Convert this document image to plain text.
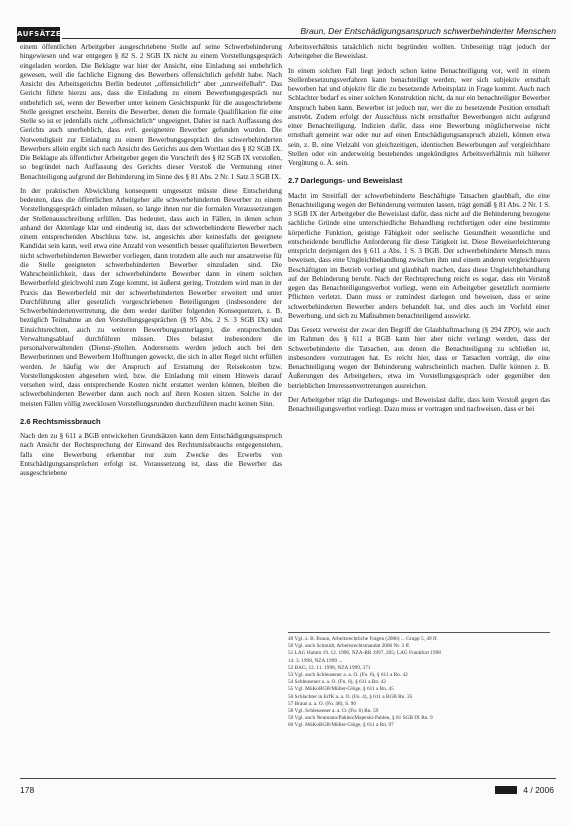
AUFSÄTZE	Braun, Der Entschädigungsanspruch schwerbehinderter Menschen

einem öffentlichen Arbeitgeber ausgeschriebene Stelle auf seine Schwerbehinderung hingewiesen und war entgegen § 82 S. 2 SGB IX nicht zu einem Vorstellungsgespräch eingeladen worden. Die Beklagte war hier der Ansicht, eine Einladung sei entbehrlich gewesen, weil die fachliche Eignung des Bewerbers offensichtlich gefehlt habe. Nach Ansicht des Arbeitsgerichts Berlin bedeutet „offensichtlich“ aber „unzweifelhaft“. Das Gericht führte hierzu aus, dass die Einladung zu einem Bewerbungsgespräch nur entbehrlich sei, wenn der Bewerber unter keinem Gesichtspunkt für die ausgeschriebene Stelle geeignet erscheint. Bereits die Bewerber, denen die formale Qualifikation für eine Stelle so ist er jedenfalls nicht „offensichtlich“ ungeeignet. Daher ist nach Auffassung des Gerichts auch unerheblich, dass evtl. geeignetere Bewerber gefunden wurden. Die Notwendigkeit zur Einladung zu einem Bewerbungsgespräch des schwerbehinderten Bewerbers allein ergibt sich nach Ansicht des Gerichts aus dem Wortlaut des § 82 SGB IX. Die Beklagte als öffentlicher Arbeitgeber gegen die Vorschrift des § 82 SGB IX verstoßen, so begründet nach Auffassung des Gerichts dieser Verstoß die Vermutung einer Benachteiligung aufgrund der Behinderung im Sinne des § 81 Abs. 2 Nr. 1 Satz 3 SGB IX.

In der praktischen Abwicklung konsequent umgesetzt müsste diese Entscheidung bedeuten, dass die öffentlichen Arbeitgeber alle schwerbehinderten Bewerber zu einem Vorstellungsgespräch einladen müssen, so lange ihnen nur die formalen Voraussetzungen der Stellenausschreibung erfüllen. Das bedeutet, dass auch in Fällen, in denen schon anhand der Aktenlage klar und eindeutig ist, dass der schwerbehinderte Bewerber nach einem entsprechenden Abschluss bzw. ist, angesichts aber keinesfalls der geeignete Kandidat sein kann, weil etwa eine Anzahl von wesentlich besser qualifizierten Bewerbern nicht schwerbehinderten Bewerber vorliegen, dann trotzdem alle auch nur ansatzweise für die Stelle geeigneten schwerbehinderten Bewerber einzuladen sind. Die Wahrscheinlichkeit, dass der schwerbehinderte Bewerber dann in einem solchen Bewerberfeld gleichwohl zum Zuge kommt, ist äußerst gering. Trotzdem wird man in der Praxis das Bewerberfeld mit der schwerbehinderten Bewerber erweitert und unter Durchführung aller gesetzlich vorgeschriebenen Beteiligungen (insbesondere der Schwerbehindertenvertretung, die dem weder darüber folgenden Konsequenzen, z. B. bezüglich Teilnahme an den Vorstellungsgesprächen (§ 95 Abs. 2 S. 3 SGB IX) und Einsichtsrechten, auch zu weiteren Bewerbungsunterlagen), die entsprechenden Verwaltungsablauf durchführen müssen. Dies belastet insbesondere die personalverwaltenden (Dienst-)Stellen. Andererseits werden jedoch auch bei den Bewerberinnen und Bewerbern Hoffnungen geweckt, die sich in aller Regel nicht erfüllen werden. Je häufig wie der Anspruch auf Erstattung der Reisekosten bzw. Vorstellungskosten abgesehen wird, bzw. die Einladung mit einem Hinweis darauf versehen wird, dass entsprechende Kosten nicht erstattet werden können, bleiben die schwerbehinderten Bewerber dann auch noch auf ihren Kosten sitzen. Solche in der meisten Fällen völlig zwecklosen Vorstellungsrunden durchzuführen macht keinen Sinn.

2.6 Rechtsmissbrauch

Nach den zu § 611 a BGB entwickelten Grundsätzen kann dem Entschädigungsanspruch nach Ansicht der Rechtsprechung der Einwand des Rechtsmissbrauchs entgegenstehen, falls eine Bewerbung erkennbar nur zum Zwecke des Erwerbs von Entschädigungsansprüchen erfolgt ist. Voraussetzung ist, dass die Bewerber das ausgeschriebene

Arbeitsverhältnis tatsächlich nicht begründen wollten. Unbeseitigt trägt jedoch der Arbeitgeber die Beweislast.

In einem solchen Fall liegt jedoch schon keine Benachteiligung vor, weil in einem Stellenbesetzungsverfahren kann benachteiligt werden, wer sich subjektiv ernsthaft beworben hat und objektiv für die zu besetzende Arbeitsplatz in Frage kommt. Auch nach Schlachter bedarf es einer solchen Konstruktion nicht, da nur ein benachteiligter Bewerber Anspruch haben kann. Bewerber ist jedoch nur, wer die zu besetzende Position ernsthaft anstrebt. Zudem erfolgt der Ausschluss nicht ernsthafter Bewerbungen nicht aufgrund einer Benachteiligung. Indizien dafür, dass eine Bewerbung möglicherweise nicht ernsthaft gemeint war oder nur auf einen Entschädigungsanspruch abzielt, können etwa sein, z. B. eine Vielzahl von gleichzeitigen, identischen Bewerbungen auf vergleichbare Stellen oder ein anderweitig bestehendes ungekündigtes Arbeitsverhältnis mit höherer Vergütung o. Ä. sein.

2.7 Darlegungs- und Beweislast

Macht im Streitfall der schwerbehinderte Beschäftigte Tatsachen glaubhaft, die eine Benachteiligung wegen der Behinderung vermuten lassen, trägt gemäß § 81 Abs. 2 Nr. 1 S. 3 SGB IX der Arbeitgeber die Beweislast dafür, dass nicht auf die Behinderung bezogene sachliche Gründe eine unterschiedliche Behandlung rechtfertigen oder eine bestimmte körperliche Funktion, geistige Fähigkeit oder seelische Gesundheit wesentliche und entscheidende berufliche Anforderung für diese Tätigkeit ist. Diese Beweiserleichterung entspricht derjenigen des § 611 a Abs. 1 S. 3 BGB. Der schwerbehinderte Mensch muss beweisen, dass eine Ungleichbehandlung zwischen ihm und einem anderen vergleichbaren Beschäftigten im Betrieb vorliegt und glaubhaft machen, dass diese Ungleichbehandlung auf der Behinderung beruht. Nach der Rechtsprechung reicht es sogar, dass ein Verstoß gegen das Benachteiligungsverbot vorliegt, wenn ein Arbeitgeber gesetzlich normierte Pflichten verletzt. Dann muss er zumindest darlegen und beweisen, dass er seine schwerbehinderten Bewerber anders behandelt hat, und dies auch im Vorfeld einer Bewerbung, und sich zu Maßnahmen benachteiligend auswirkt.

Das Gesetz verweist der zwar den Begriff der Glaubhaftmachung (§ 294 ZPO), wie auch im Rahmen des § 611 a BGB kann hier aber nicht verlangt werden, dass der Schwerbehinderte die Tatsachen, aus denen die Benachteiligung zu schließen ist, insbesondere vorzutragen hat. Es reicht hier, dass er Tatsachen vorträgt, die eine Benachteiligung wegen der Behinderung wahrscheinlich machen. Dafür können z. B. Äußerungen des Arbeitgebers, etwa im Vorstellungsgespräch oder gegenüber den betrieblichen Interessenvertretungen ausreichen.

Der Arbeitgeber trägt die Darlegungs- und Beweislast dafür, dass kein Verstoß gegen das Benachteiligungsverbot vorliegt. Dazu muss er vortragen und nachweisen, dass er bei

49 Vgl. z. B. Braun, Arbeitsrechtliche Fragen (2006) ... Grupp 5, 49 ff.
50 Vgl. auch Schmidt, Arbeitsrechtsmandat 2006 Nr. 3 ff.
51 LAG Hamm 19. 12. 1996, NZA-RR 1997, 205; LAG Frankfurt 1998
14. 3. 1998, NZA 1999 ...
52 BAG, 12. 11. 1998, NZA 1999, 371
53 Vgl. auch Schleusener a. a. O. (Fn. 6), § 611 a Rn. 42
54 Schleusener a. a. O. (Fn. 6), § 611 a Rn. 42
55 Vgl. MüKoBGB/Müller-Glöge, § 611 a Rn. 45
56 Schlachter in ErfK a. a. O. (Fn. 4), § 611 a BGB Rn. 35
57 Braun a. a. O. (Fn. 48), S. 90
58 Vgl. Schleusener a. a. O. (Fn. 6) Rn. 59
59 Vgl. auch Neumann/Pahlen/Majerski-Pahlen, § 81 SGB IX Rn. 9
60 Vgl. MüKoBGB/Müller-Glöge, § 611 a Rn. 97
178	4 / 2006
